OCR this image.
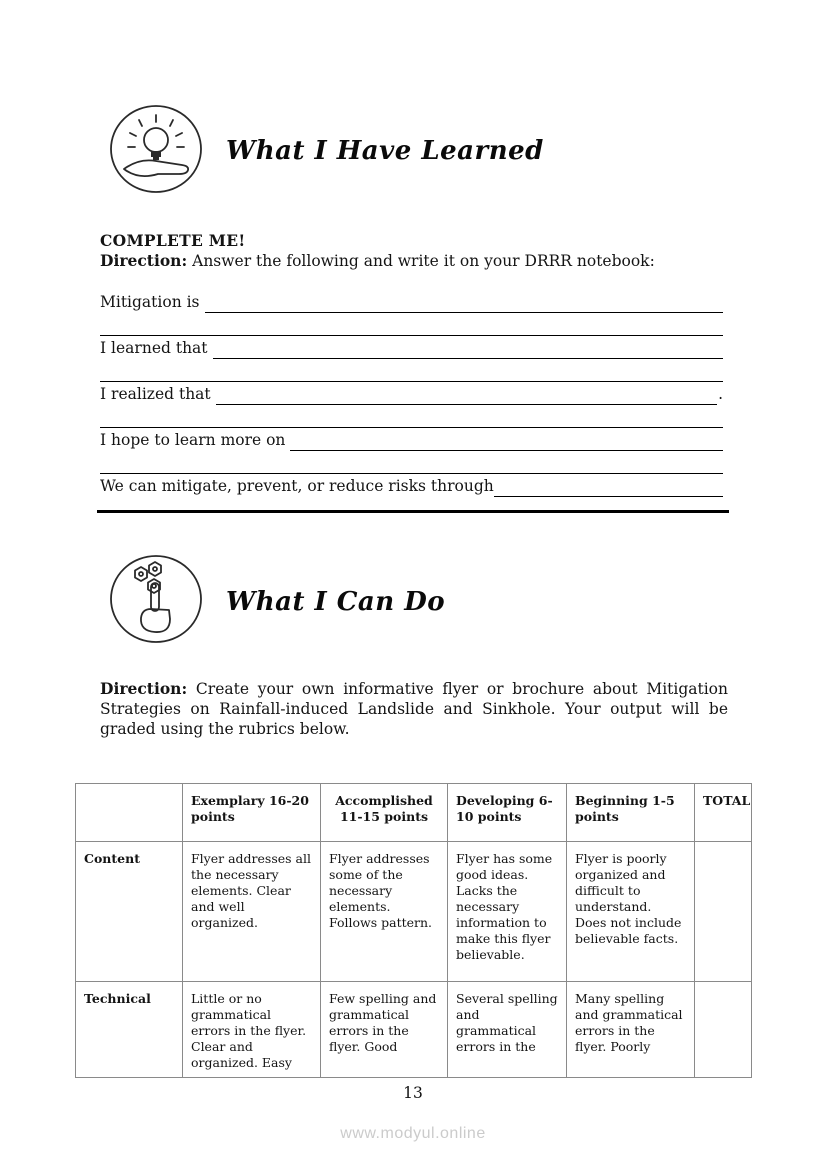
What I Have Learned
COMPLETE ME!
Direction: Answer the following and write it on your DRRR notebook:
Mitigation is
I learned that
I realized that	.
I hope to learn more on
We can mitigate, prevent, or reduce risks through
What I Can Do

Direction: Create your own informative flyer or brochure about Mitigation Strategies on Rainfall-induced Landslide and Sinkhole. Your output will be graded using the rubrics below.

	Exemplary 16-20 points	Accomplished 11-15 points	Developing 6-10 points	Beginning 1-5 points	TOTAL
Content	Flyer addresses all the necessary elements. Clear and well organized.	Flyer addresses some of the necessary elements. Follows pattern.	Flyer has some good ideas. Lacks the necessary information to make this flyer believable.	Flyer is poorly organized and difficult to understand. Does not include believable facts.	
Technical	Little or no grammatical errors in the flyer. Clear and organized. Easy	Few spelling and grammatical errors in the flyer. Good	Several spelling and grammatical errors in the	Many spelling and grammatical errors in the flyer. Poorly	
13
www.modyul.online
